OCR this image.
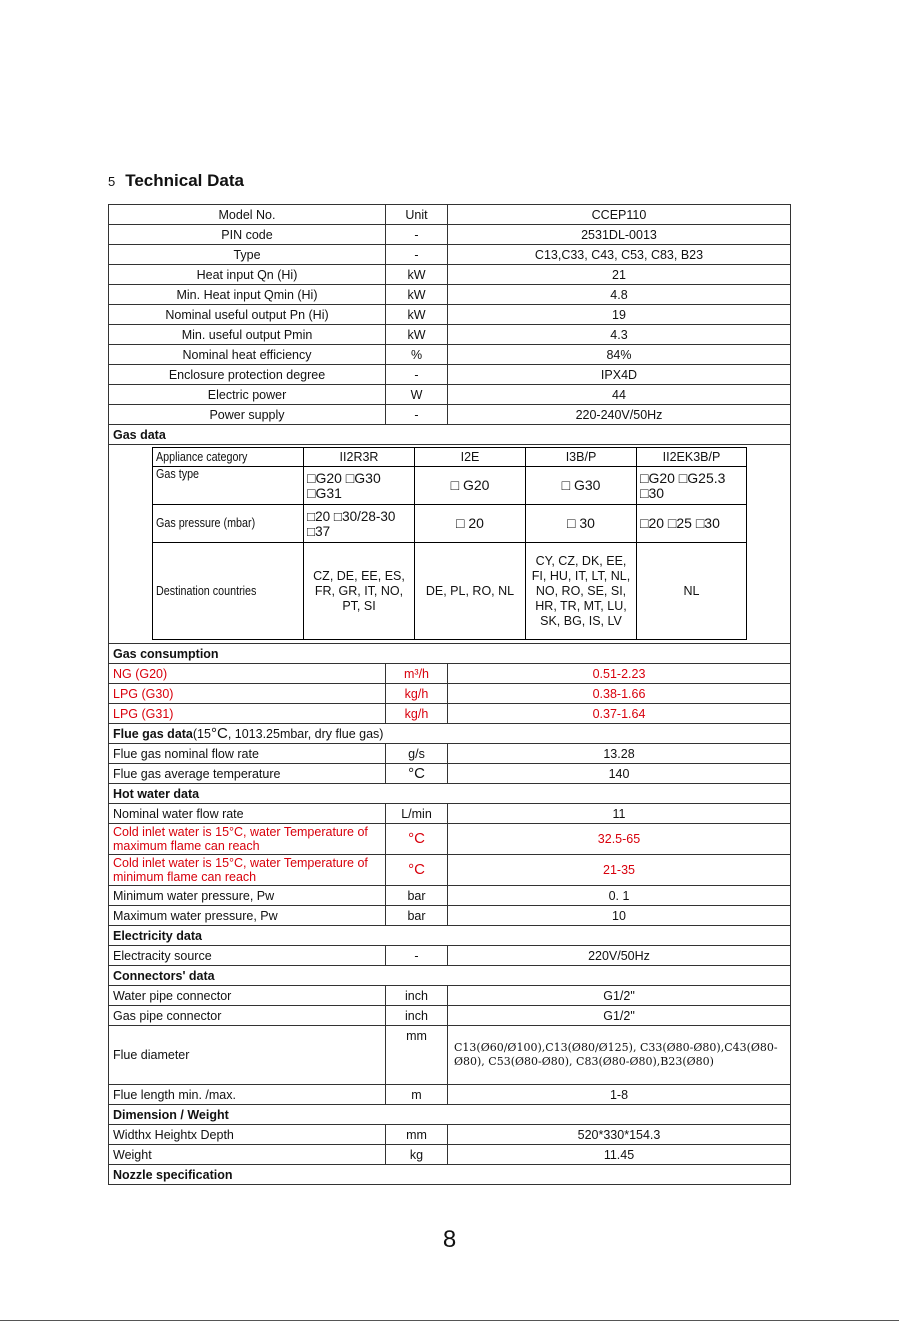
5 Technical Data
Model No.	Unit	CCEP110
PIN code	-	2531DL-0013
Type	-	C13,C33, C43, C53, C83, B23
Heat input Qn (Hi)	kW	21
Min. Heat input Qmin (Hi)	kW	4.8
Nominal useful output Pn (Hi)	kW	19
Min. useful output Pmin	kW	4.3
Nominal heat efficiency	%	84%
Enclosure protection degree	-	IPX4D
Electric power	W	44
Power supply	-	220-240V/50Hz
Gas data

Appliance category	II2R3R	I2E	I3B/P	II2EK3B/P
Gas type	□G20 □G30 □G31	□ G20	□ G30	□G20 □G25.3 □30
Gas pressure (mbar)	□20 □30/28-30 □37	□ 20	□ 30	□20 □25 □30
Destination countries	CZ, DE, EE, ES, FR, GR, IT, NO, PT, SI	DE, PL, RO, NL	CY, CZ, DK, EE, FI, HU, IT, LT, NL, NO, RO, SE, SI, HR, TR, MT, LU, SK, BG, IS, LV	NL

Gas consumption
NG (G20)	m³/h	0.51-2.23
LPG (G30)	kg/h	0.38-1.66
LPG (G31)	kg/h	0.37-1.64
Flue gas data(15°C, 1013.25mbar, dry flue gas)
Flue gas nominal flow rate	g/s	13.28
Flue gas average temperature	°C	140
Hot water data
Nominal water flow rate	L/min	11
Cold inlet water is 15°C, water Temperature of maximum flame can reach	°C	32.5-65
Cold inlet water is 15°C, water Temperature of minimum flame can reach	°C	21-35
Minimum water pressure, Pw	bar	0. 1
Maximum water pressure, Pw	bar	10
Electricity data
Electracity source	-	220V/50Hz
Connectors' data
Water pipe connector	inch	G1/2"
Gas pipe connector	inch	G1/2"
Flue diameter	mm	C13(Ø60/Ø100),C13(Ø80/Ø125), C33(Ø80-Ø80),C43(Ø80-Ø80), C53(Ø80-Ø80), C83(Ø80-Ø80),B23(Ø80)
Flue length min. /max.	m	1-8
Dimension / Weight
Widthx Heightx Depth	mm	520*330*154.3
Weight	kg	11.45
Nozzle specification
8
